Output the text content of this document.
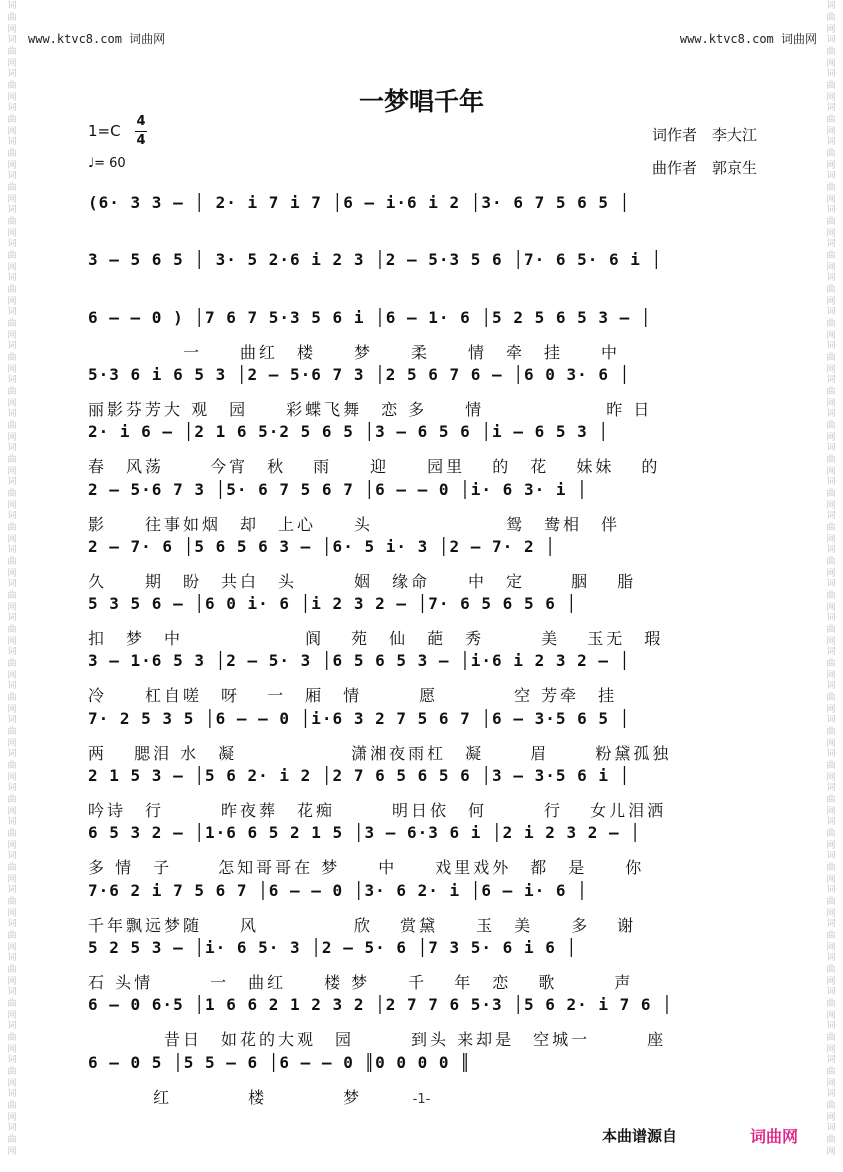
词
曲
网
词
曲
网
词
曲
网
词
曲
网
词
曲
网
词
曲
网
词
曲
网
词
曲
网
词
曲
网
词
曲
网
词
曲
网
词
曲
网
词
曲
网
词
曲
网
词
曲
网
词
曲
网
词
曲
网
词
曲
网
词
曲
网
词
曲
网
词
曲
网
词
曲
网
词
曲
网
词
曲
网
词
曲
网
词
曲
网
词
曲
网
词
曲
网
词
曲
网
词
曲
网
词
曲
网
词
曲
网
词
曲
网
词
曲
网
词
曲
网
词
曲
网
词
曲
网
词
曲
网
词
曲
网
词
曲
网
词
曲
网
词
曲
网
词
曲
网
词
曲
网
词
曲
网
词
曲
网
词
曲
网
词
曲
网
词
曲
网
词
曲
网
词
曲
网
词
曲
网
词
曲
网
词
曲
网
词
曲
网
词
曲
网
词
曲
网
词
曲
网
词
曲
网
词
曲
网
词
曲
网
词
曲
网
词
曲
网
词
曲
网
词
曲
网
词
曲
网
词
曲
网
词
曲
网
www.ktvc8.com 词曲网	www.ktvc8.com 词曲网
一梦唱千年
1=C
4
4
♩= 60
词作者　李大江
曲作者　郭京生
(6· 3 3 – │ 2· i 7 i 7 │6 – i·6 i 2 │3· 6 7 5 6 5 │
3 – 5 6 5 │ 3· 5 2·6 i 2 3 │2 – 5·3 5 6 │7· 6 5· 6 i │
6 – – 0 ) │7 6 7 5·3 5 6 i │6 – 1· 6 │5 2 5 6 5 3 – │
　　　　　一　　曲红　楼　　梦　　柔　　情　牵　挂　　中
5·3 6 i 6 5 3 │2 – 5·6 7 3 │2 5 6 7 6 – │6 0 3· 6 │
丽影芬芳大 观　园　　彩蝶飞舞　恋 多　　情　　　　　　 昨 日
2· i 6 – │2 1 6 5·2 5 6 5 │3 – 6 5 6 │i – 6 5 3 │
春　风荡　　 今宵　秋　 雨　　迎　　园里　 的　花　 妹妹　 的
2 – 5·6 7 3 │5· 6 7 5 6 7 │6 – – 0 │i· 6 3· i │
影　　往事如烟　却　上心　　头　　　　　　　鸳　鸯相　伴
2 – 7· 6 │5 6 5 6 3 – │6· 5 i· 3 │2 – 7· 2 │
久　　期　盼　共白　头　　　姻　缘命　　中　定　　 胭　 脂
5 3 5 6 – │6 0 i· 6 │i 2 3 2 – │7· 6 5 6 5 6 │
扣　梦　中　　　　　　 阆　 苑　仙　葩　秀　　　美　 玉无　瑕
3 – 1·6 5 3 │2 – 5· 3 │6 5 6 5 3 – │i·6 i 2 3 2 – │
冷　　杠自嗟　呀　 一　厢　情　　　愿　　　　空 芳牵　挂
7· 2 5 3 5 │6 – – 0 │i·6 3 2 7 5 6 7 │6 – 3·5 6 5 │
两　 腮泪 水　凝　　　　　　潇湘夜雨杠　凝　　 眉　　 粉黛孤独
2 1 5 3 – │5 6 2· i 2 │2 7 6 5 6 5 6 │3 – 3·5 6 i │
吟诗　行　　　昨夜葬　花痴　　　明日依　何　　　行　 女儿泪洒
6 5 3 2 – │1·6 6 5 2 1 5 │3 – 6·3 6 i │2 i 2 3 2 – │
多 情　子　　 怎知哥哥在 梦　　中　　戏里戏外　都　是　　你
7·6 2 i 7 5 6 7 │6 – – 0 │3· 6 2· i │6 – i· 6 │
千年飘远梦随　　风　　　　　欣　 赏黛　　玉　美　　多　 谢
5 2 5 3 – │i· 6 5· 3 │2 – 5· 6 │7 3 5· 6 i 6 │
石 头情　　　一　曲红　　楼 梦　　千　 年　恋　 歌　　　声
6 – 0 6·5 │1 6 6 2 1 2 3 2 │2 7 7 6 5·3 │5 6 2· i 7 6 │
　　　　昔日　如花的大观　园　　　到头 来却是　空城一　　　座
6 – 0 5 │5 5 – 6 │6 – – 0 ║0 0 0 0 ║
　　　 红　　　　楼　　　　梦	-1-
本曲谱源自	词曲网
